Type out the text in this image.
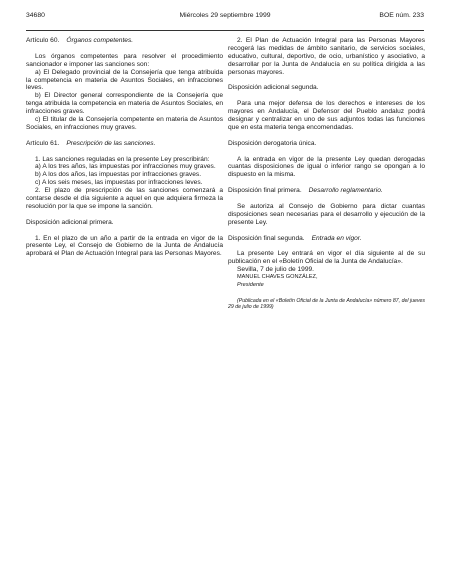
34680	Miércoles 29 septiembre 1999	BOE núm. 233

Artículo 60. Órganos competentes.

Los órganos competentes para resolver el procedimiento sancionador e imponer las sanciones son:

a) El Delegado provincial de la Consejería que tenga atribuida la competencia en materia de Asuntos Sociales, en infracciones leves.

b) El Director general correspondiente de la Consejería que tenga atribuida la competencia en materia de Asuntos Sociales, en infracciones graves.

c) El titular de la Consejería competente en materia de Asuntos Sociales, en infracciones muy graves.

Artículo 61. Prescripción de las sanciones.

1. Las sanciones reguladas en la presente Ley prescribirán:

a) A los tres años, las impuestas por infracciones muy graves.

b) A los dos años, las impuestas por infracciones graves.

c) A los seis meses, las impuestas por infracciones leves.

2. El plazo de prescripción de las sanciones comenzará a contarse desde el día siguiente a aquel en que adquiera firmeza la resolución por la que se impone la sanción.

Disposición adicional primera.

1. En el plazo de un año a partir de la entrada en vigor de la presente Ley, el Consejo de Gobierno de la Junta de Andalucía aprobará el Plan de Actuación Integral para las Personas Mayores.

2. El Plan de Actuación Integral para las Personas Mayores recogerá las medidas de ámbito sanitario, de servicios sociales, educativo, cultural, deportivo, de ocio, urbanístico y asociativo, a desarrollar por la Junta de Andalucía en su política dirigida a las personas mayores.

Disposición adicional segunda.

Para una mejor defensa de los derechos e intereses de los mayores en Andalucía, el Defensor del Pueblo andaluz podrá designar y centralizar en uno de sus adjuntos todas las funciones que en esta materia tenga encomendadas.

Disposición derogatoria única.

A la entrada en vigor de la presente Ley quedan derogadas cuantas disposiciones de igual o inferior rango se opongan a lo dispuesto en la misma.

Disposición final primera. Desarrollo reglamentario.

Se autoriza al Consejo de Gobierno para dictar cuantas disposiciones sean necesarias para el desarrollo y ejecución de la presente Ley.

Disposición final segunda. Entrada en vigor.

La presente Ley entrará en vigor el día siguiente al de su publicación en el «Boletín Oficial de la Junta de Andalucía».

Sevilla, 7 de julio de 1999.

MANUEL CHAVES GONZÁLEZ,

Presidente

(Publicada en el «Boletín Oficial de la Junta de Andalucía» número 87, del jueves 29 de julio de 1999)
